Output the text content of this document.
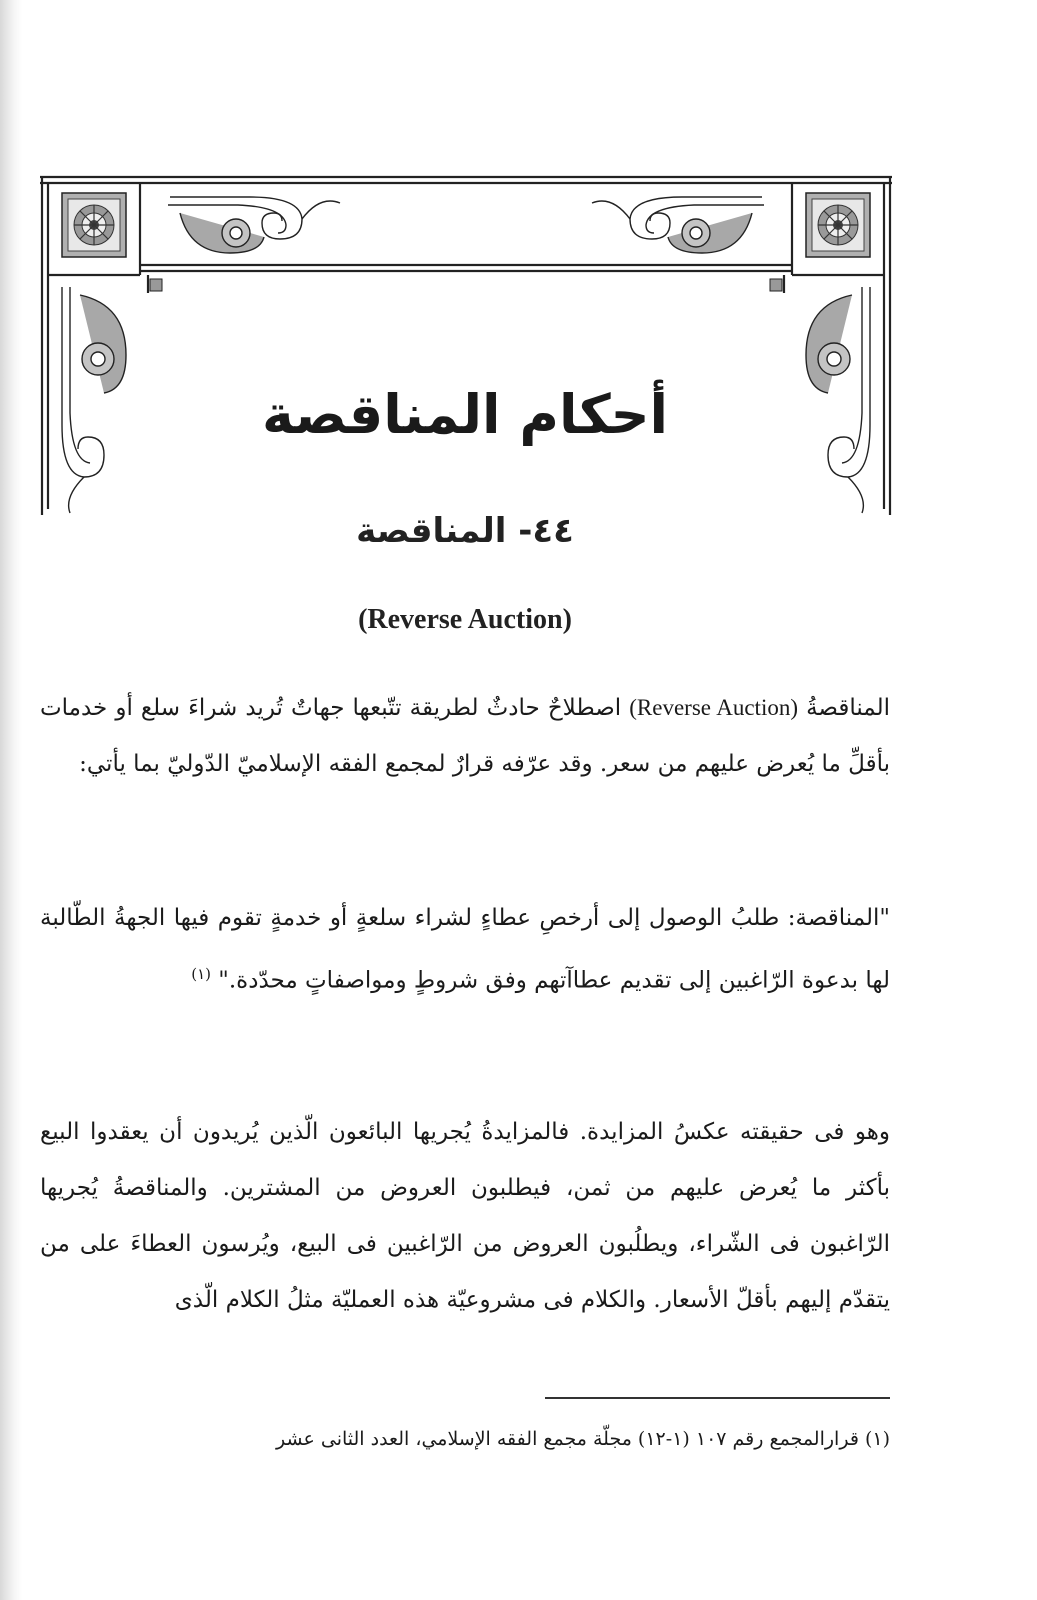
أحكام المناقصة
٤٤- المناقصة
(Reverse Auction)

المناقصةُ (Reverse Auction) اصطلاحٌ حادثٌ لطريقة تتّبعها جهاتٌ تُريد شراءَ سلع أو خدمات بأقلِّ ما يُعرض عليهم من سعر. وقد عرّفه قرارٌ لمجمع الفقه الإسلاميّ الدّوليّ بما يأتي:

"المناقصة: طلبُ الوصول إلى أرخصِ عطاءٍ لشراء سلعةٍ أو خدمةٍ تقوم فيها الجهةُ الطّالبة لها بدعوة الرّاغبين إلى تقديم عطاآتهم وفق شروطٍ ومواصفاتٍ محدّدة." $^{(١)}$

وهو فى حقيقته عكسُ المزايدة. فالمزايدةُ يُجريها البائعون الّذين يُريدون أن يعقدوا البيع بأكثر ما يُعرض عليهم من ثمن، فيطلبون العروض من المشترين. والمناقصةُ يُجريها الرّاغبون فى الشّراء، ويطلُبون العروض من الرّاغبين فى البيع، ويُرسون العطاءَ على من يتقدّم إليهم بأقلّ الأسعار. والكلام فى مشروعيّة هذه العمليّة مثلُ الكلام الّذى

(١) قرارالمجمع رقم ١٠٧ (١-١٢) مجلّة مجمع الفقه الإسلامي، العدد الثانى عشر
